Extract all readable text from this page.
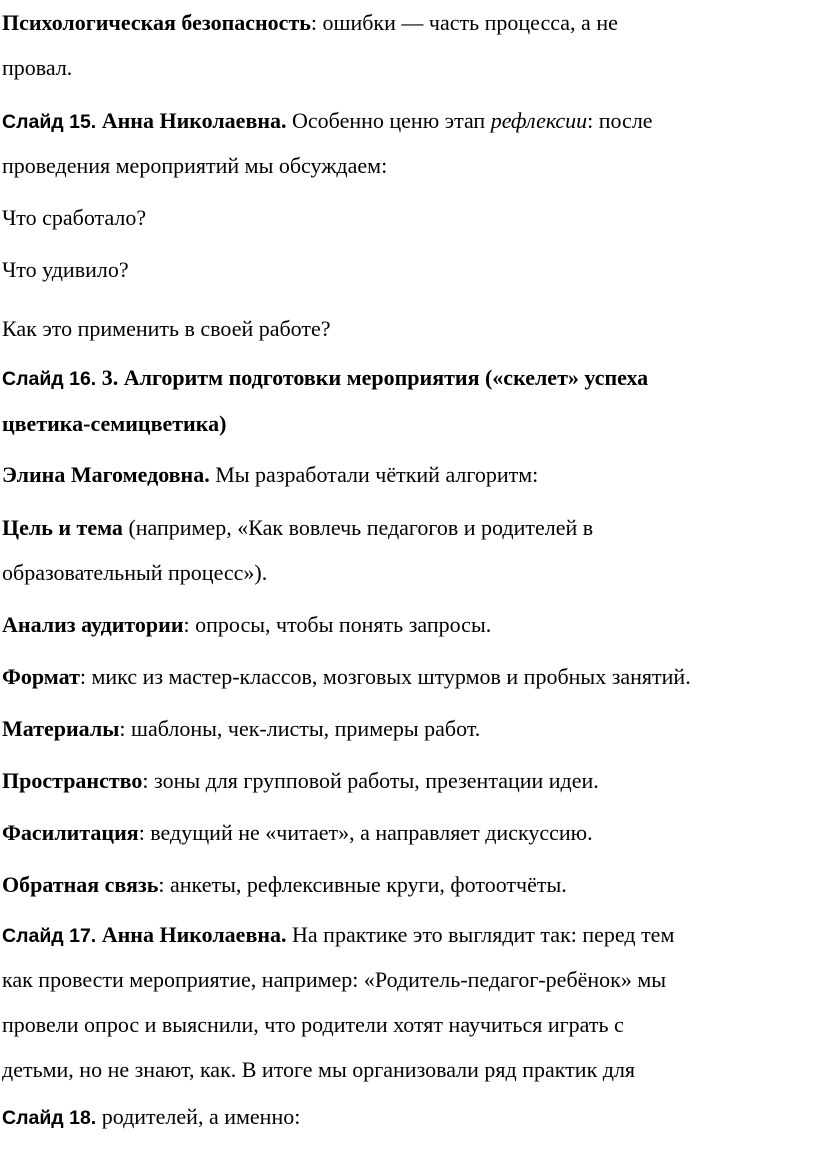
Психологическая безопасность: ошибки — часть процесса, а не
провал.
Слайд 15. Анна Николаевна. Особенно ценю этап рефлексии: после
проведения мероприятий мы обсуждаем:
Что сработало?
Что удивило?
Как это применить в своей работе?
Слайд 16. 3. Алгоритм подготовки мероприятия («скелет» успеха
цветика-семицветика)
Элина Магомедовна. Мы разработали чёткий алгоритм:
Цель и тема (например, «Как вовлечь педагогов и родителей в
образовательный процесс»).
Анализ аудитории: опросы, чтобы понять запросы.
Формат: микс из мастер-классов, мозговых штурмов и пробных занятий.
Материалы: шаблоны, чек-листы, примеры работ.
Пространство: зоны для групповой работы, презентации идеи.
Фасилитация: ведущий не «читает», а направляет дискуссию.
Обратная связь: анкеты, рефлексивные круги, фотоотчёты.
Слайд 17. Анна Николаевна. На практике это выглядит так: перед тем
как провести мероприятие, например: «Родитель-педагог-ребёнок» мы
провели опрос и выяснили, что родители хотят научиться играть с
детьми, но не знают, как. В итоге мы организовали ряд практик для
Слайд 18. родителей, а именно:
